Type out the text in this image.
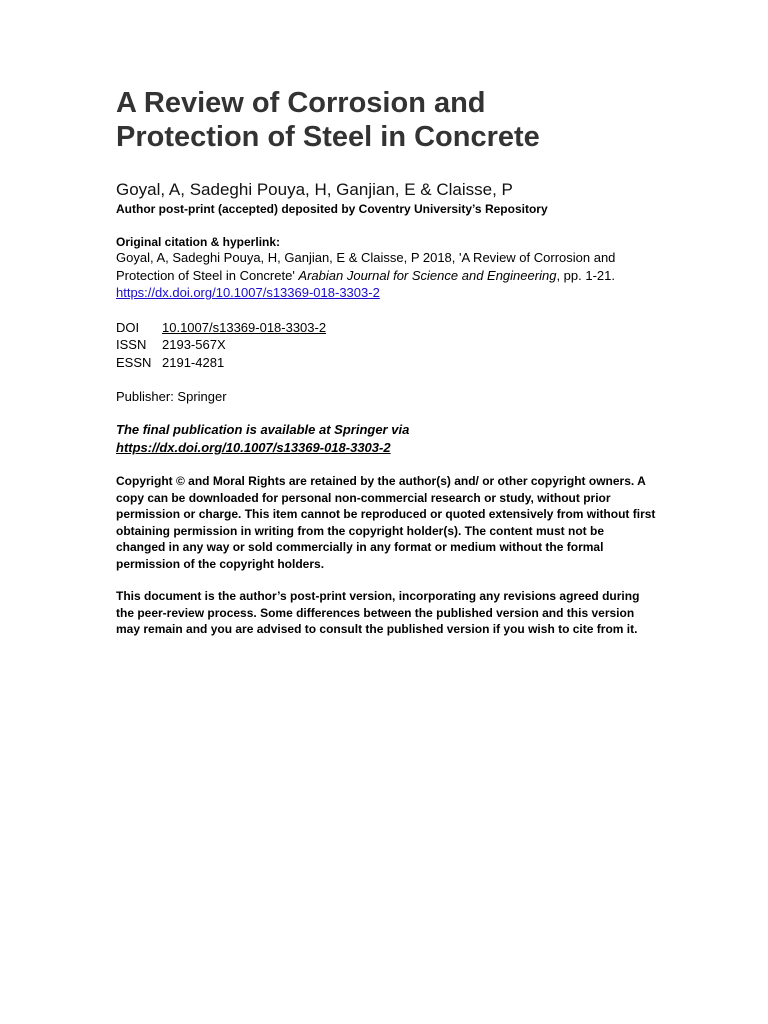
A Review of Corrosion and
Protection of Steel in Concrete
Goyal, A, Sadeghi Pouya, H, Ganjian, E & Claisse, P
Author post-print (accepted) deposited by Coventry University’s Repository
Original citation & hyperlink:
Goyal, A, Sadeghi Pouya, H, Ganjian, E & Claisse, P 2018, 'A Review of Corrosion and Protection of Steel in Concrete' Arabian Journal for Science and Engineering, pp. 1-21.
https://dx.doi.org/10.1007/s13369-018-3303-2
DOI	10.1007/s13369-018-3303-2
ISSN	2193-567X
ESSN 2191-4281
Publisher: Springer
The final publication is available at Springer via
https://dx.doi.org/10.1007/s13369-018-3303-2
Copyright © and Moral Rights are retained by the author(s) and/ or other copyright owners. A copy can be downloaded for personal non-commercial research or study, without prior permission or charge. This item cannot be reproduced or quoted extensively from without first obtaining permission in writing from the copyright holder(s). The content must not be changed in any way or sold commercially in any format or medium without the formal permission of the copyright holders.
This document is the author’s post-print version, incorporating any revisions agreed during the peer-review process. Some differences between the published version and this version may remain and you are advised to consult the published version if you wish to cite from it.
